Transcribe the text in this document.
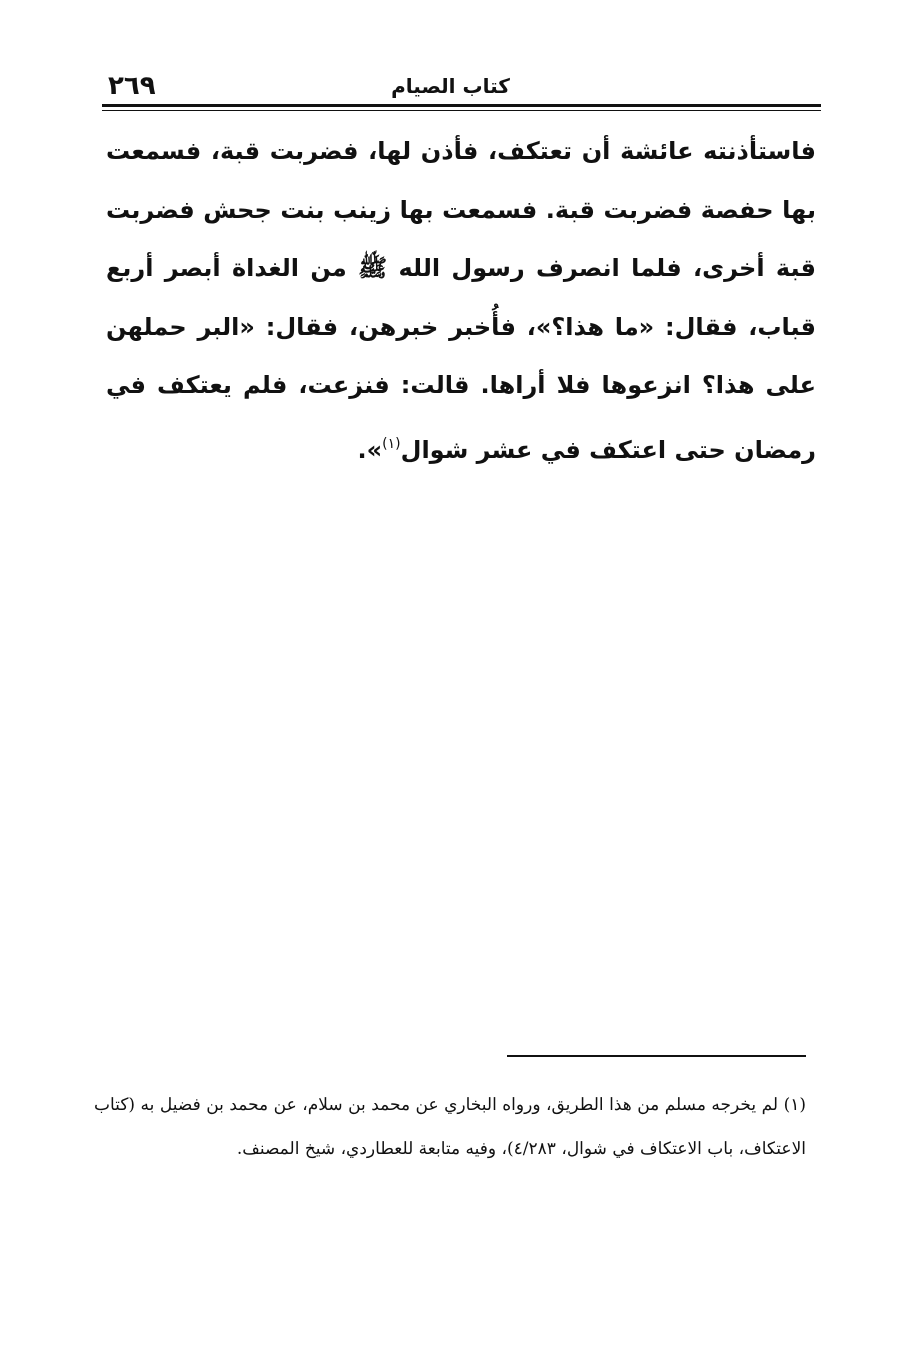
٢٦٩	كتاب الصيام

فاستأذنته عائشة أن تعتكف، فأذن لها، فضربت قبة، فسمعت بها حفصة فضربت قبة. فسمعت بها زينب بنت جحش فضربت قبة أخرى، فلما انصرف رسول الله ﷺ من الغداة أبصر أربع قباب، فقال: «ما هذا؟»، فأُخبر خبرهن، فقال: «البر حملهن على هذا؟ انزعوها فلا أراها. قالت: فنزعت، فلم يعتكف في رمضان حتى اعتكف في عشر شوال$^{(١)}$».

(١) لم يخرجه مسلم من هذا الطريق، ورواه البخاري عن محمد بن سلام، عن محمد بن فضيل به (كتاب الاعتكاف، باب الاعتكاف في شوال، ٤/٢٨٣)، وفيه متابعة للعطاردي، شيخ المصنف.
